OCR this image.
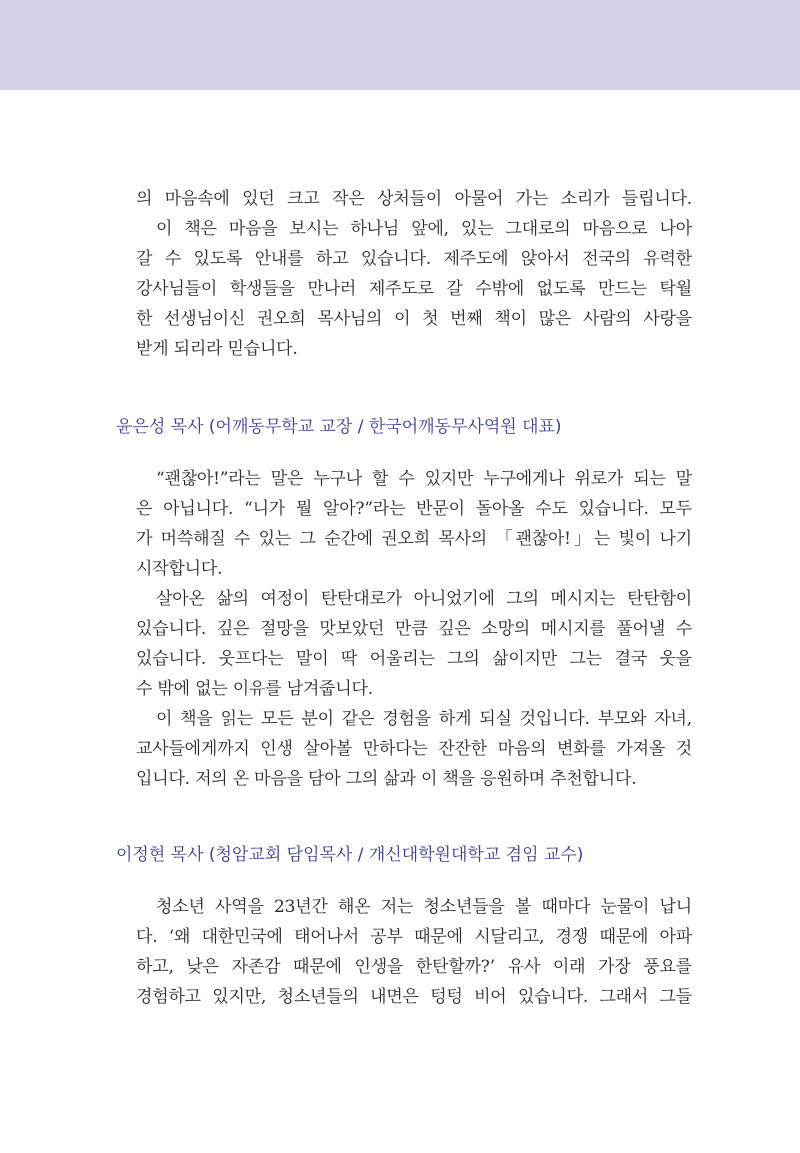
의 마음속에 있던 크고 작은 상처들이 아물어 가는 소리가 들립니다.
이 책은 마음을 보시는 하나님 앞에, 있는 그대로의 마음으로 나아
갈 수 있도록 안내를 하고 있습니다. 제주도에 앉아서 전국의 유력한
강사님들이 학생들을 만나러 제주도로 갈 수밖에 없도록 만드는 탁월
한 선생님이신 권오희 목사님의 이 첫 번째 책이 많은 사람의 사랑을
받게 되리라 믿습니다.
윤은성 목사 (어깨동무학교 교장 / 한국어깨동무사역원 대표)
“괜찮아!”라는 말은 누구나 할 수 있지만 누구에게나 위로가 되는 말
은 아닙니다. “니가 뭘 알아?”라는 반문이 돌아올 수도 있습니다. 모두
가 머쓱해질 수 있는 그 순간에 권오희 목사의 「괜찮아!」는 빛이 나기
시작합니다.
살아온 삶의 여정이 탄탄대로가 아니었기에 그의 메시지는 탄탄함이
있습니다. 깊은 절망을 맛보았던 만큼 깊은 소망의 메시지를 풀어낼 수
있습니다. 웃프다는 말이 딱 어울리는 그의 삶이지만 그는 결국 웃을
수 밖에 없는 이유를 남겨줍니다.
이 책을 읽는 모든 분이 같은 경험을 하게 되실 것입니다. 부모와 자녀,
교사들에게까지 인생 살아볼 만하다는 잔잔한 마음의 변화를 가져올 것
입니다. 저의 온 마음을 담아 그의 삶과 이 책을 응원하며 추천합니다.
이정현 목사 (청암교회 담임목사 / 개신대학원대학교 겸임 교수)
청소년 사역을 23년간 해온 저는 청소년들을 볼 때마다 눈물이 납니
다. ‘왜 대한민국에 태어나서 공부 때문에 시달리고, 경쟁 때문에 아파
하고, 낮은 자존감 때문에 인생을 한탄할까?’ 유사 이래 가장 풍요를
경험하고 있지만, 청소년들의 내면은 텅텅 비어 있습니다. 그래서 그들
